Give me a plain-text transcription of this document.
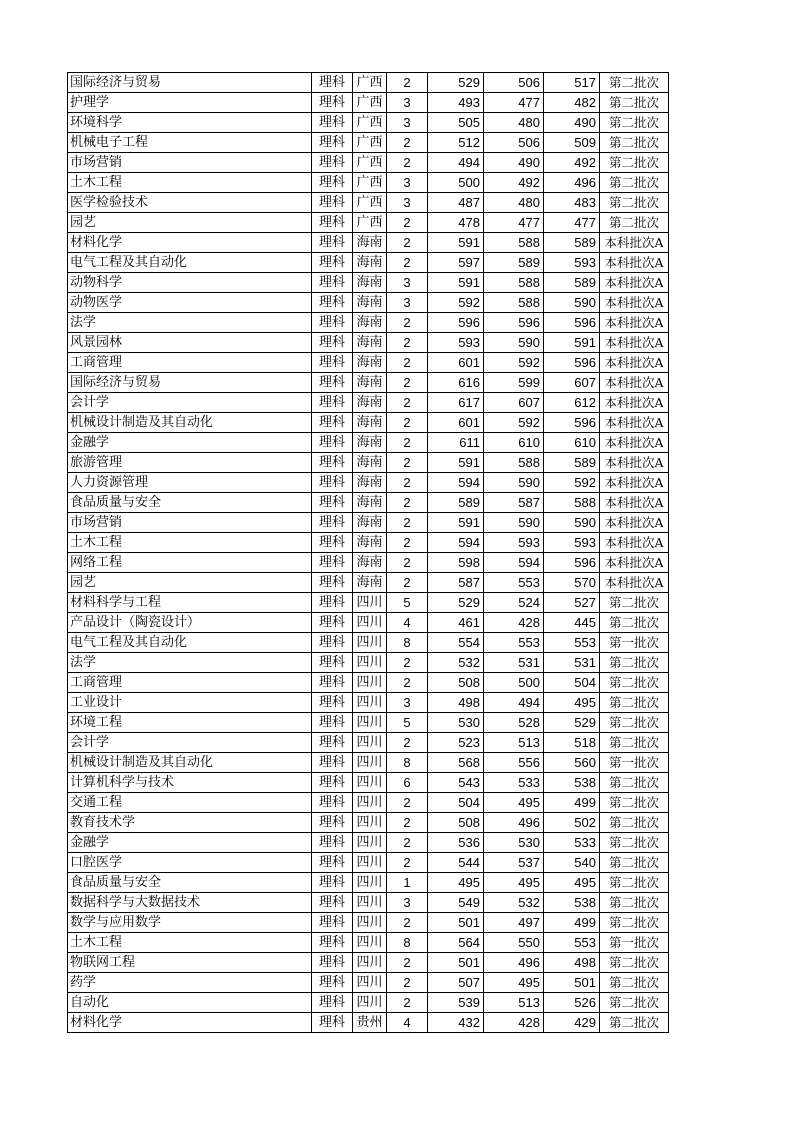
国际经济与贸易	理科	广西	2	529	506	517	第二批次
护理学	理科	广西	3	493	477	482	第二批次
环境科学	理科	广西	3	505	480	490	第二批次
机械电子工程	理科	广西	2	512	506	509	第二批次
市场营销	理科	广西	2	494	490	492	第二批次
土木工程	理科	广西	3	500	492	496	第二批次
医学检验技术	理科	广西	3	487	480	483	第二批次
园艺	理科	广西	2	478	477	477	第二批次
材料化学	理科	海南	2	591	588	589	本科批次A
电气工程及其自动化	理科	海南	2	597	589	593	本科批次A
动物科学	理科	海南	3	591	588	589	本科批次A
动物医学	理科	海南	3	592	588	590	本科批次A
法学	理科	海南	2	596	596	596	本科批次A
风景园林	理科	海南	2	593	590	591	本科批次A
工商管理	理科	海南	2	601	592	596	本科批次A
国际经济与贸易	理科	海南	2	616	599	607	本科批次A
会计学	理科	海南	2	617	607	612	本科批次A
机械设计制造及其自动化	理科	海南	2	601	592	596	本科批次A
金融学	理科	海南	2	611	610	610	本科批次A
旅游管理	理科	海南	2	591	588	589	本科批次A
人力资源管理	理科	海南	2	594	590	592	本科批次A
食品质量与安全	理科	海南	2	589	587	588	本科批次A
市场营销	理科	海南	2	591	590	590	本科批次A
土木工程	理科	海南	2	594	593	593	本科批次A
网络工程	理科	海南	2	598	594	596	本科批次A
园艺	理科	海南	2	587	553	570	本科批次A
材料科学与工程	理科	四川	5	529	524	527	第二批次
产品设计（陶瓷设计）	理科	四川	4	461	428	445	第二批次
电气工程及其自动化	理科	四川	8	554	553	553	第一批次
法学	理科	四川	2	532	531	531	第二批次
工商管理	理科	四川	2	508	500	504	第二批次
工业设计	理科	四川	3	498	494	495	第二批次
环境工程	理科	四川	5	530	528	529	第二批次
会计学	理科	四川	2	523	513	518	第二批次
机械设计制造及其自动化	理科	四川	8	568	556	560	第一批次
计算机科学与技术	理科	四川	6	543	533	538	第二批次
交通工程	理科	四川	2	504	495	499	第二批次
教育技术学	理科	四川	2	508	496	502	第二批次
金融学	理科	四川	2	536	530	533	第二批次
口腔医学	理科	四川	2	544	537	540	第二批次
食品质量与安全	理科	四川	1	495	495	495	第二批次
数据科学与大数据技术	理科	四川	3	549	532	538	第二批次
数学与应用数学	理科	四川	2	501	497	499	第二批次
土木工程	理科	四川	8	564	550	553	第一批次
物联网工程	理科	四川	2	501	496	498	第二批次
药学	理科	四川	2	507	495	501	第二批次
自动化	理科	四川	2	539	513	526	第二批次
材料化学	理科	贵州	4	432	428	429	第二批次
